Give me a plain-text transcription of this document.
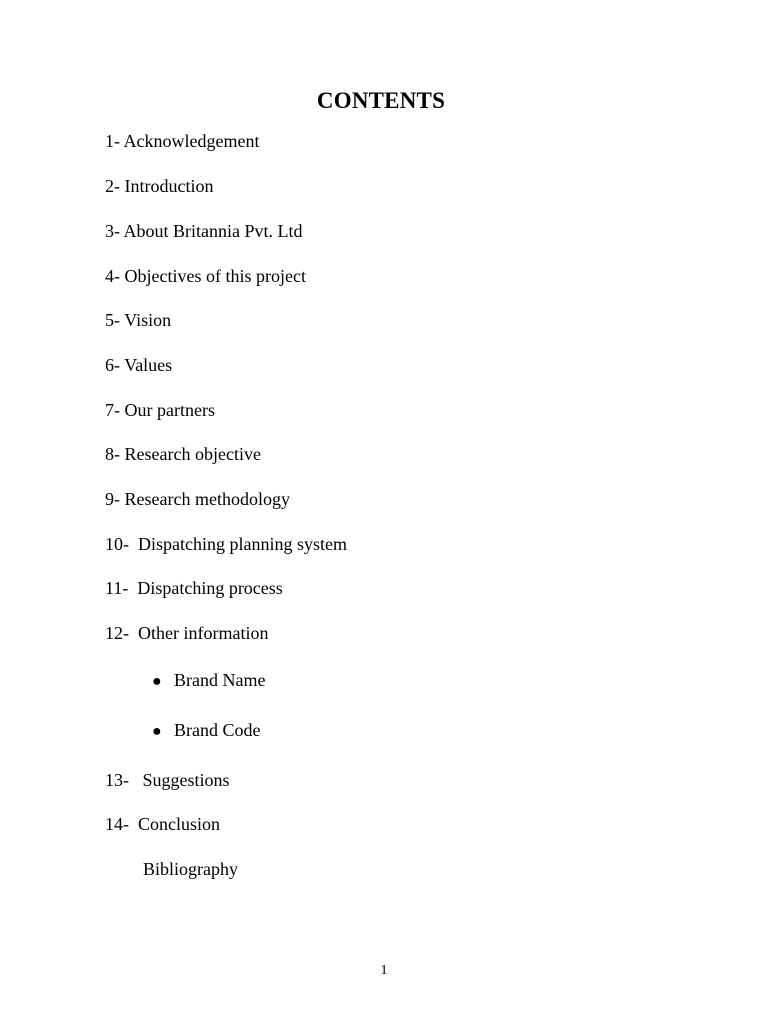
CONTENTS
1- Acknowledgement
2- Introduction
3- About Britannia Pvt. Ltd
4- Objectives of this project
5- Vision
6- Values
7- Our partners
8- Research objective
9- Research methodology
10- Dispatching planning system
11- Dispatching process
12- Other information
● Brand Name
● Brand Code
13- Suggestions
14- Conclusion
Bibliography
1
